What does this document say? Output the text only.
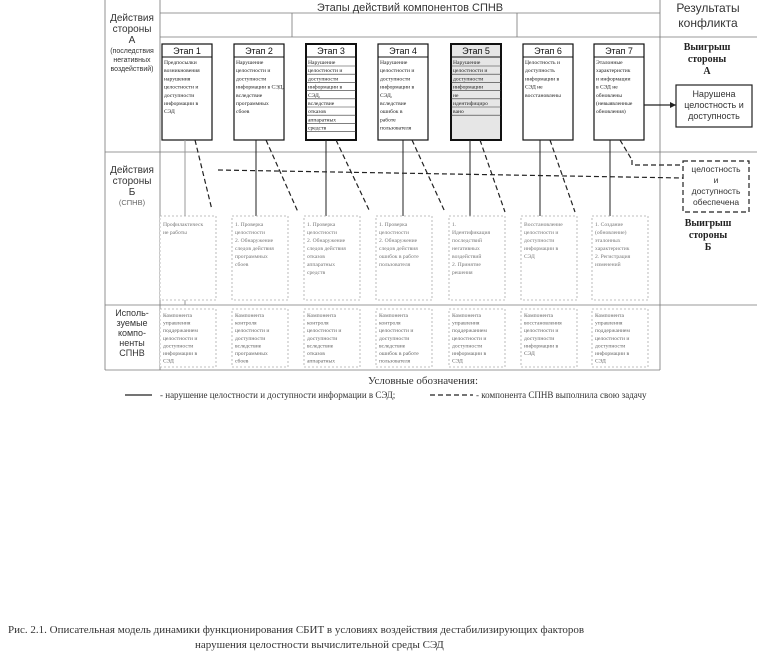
Действия
стороны
А
(последствия
негативных
воздействий)
Этапы действий компонентов СПНВ	Результаты
конфликта
Этап 1
Предпосылки
возникновения
нарушения
целостности и
доступности
информации в
СЭД
Этап 2
Нарушение
целостности и
доступности
информации в СЭД,
вследствие
программных
сбоев
Этап 3
Нарушение
целостности и
доступности
информации в
СЭД,
вследствие
отказов
аппаратных
средств
Этап 4
Нарушение
целостности и
доступности
информации в
СЭД,
вследствие
ошибок в
работе
пользователя
Этап 5
Нарушение
целостности и
доступности
информации
не
идентифициро
вано
Этап 6
Целостность и
доступность
информации в
СЭД не
восстановлены
Этап 7
Эталонные
характеристик
и информации
в СЭД не
обновлены
(невыявленные
обновления)
Выигрыш
стороны
А
Нарушена
целостность и
доступность
целостность
и
доступность
обеспечена
Выигрыш
стороны
Б
Действия
стороны
Б
(СПНВ)
Профилактическ
ие работы
1. Проверка
целостности
2. Обнаружение
следов действия
программных
сбоев
1. Проверка
целостности
2. Обнаружение
следов действия
отказов
аппаратных
средств
1. Проверка
целостности
2. Обнаружение
следов действия
ошибок в работе
пользователя
1.
Идентификация
последствий
негативных
воздействий
2. Принятие
решения
Восстановление
целостности и
доступности
информации в
СЭД
1. Создание
(обновление)
эталонных
характеристик
2. Регистрация
изменений
Исполь-
зуемые
компо-
ненты
СПНВ
Компонента
управления
поддержанием
целостности и
доступности
информации в
СЭД
Компонента
контроля
целостности и
доступности
вследствие
программных
сбоев
Компонента
контроля
целостности и
доступности
вследствие
отказов
аппаратных
Компонента
контроля
целостности и
доступности
вследствие
ошибок в работе
пользователя
Компонента
управления
поддержанием
целостности и
доступности
информации в
СЭД
Компонента
восстановления
целостности и
доступности
информации в
СЭД
Компонента
управления
поддержанием
целостности и
доступности
информации в
СЭД
Условные обозначения:
- нарушение целостности и доступности информации в СЭД;	- компонента СПНВ выполнила свою задачу
Рис. 2.1. Описательная модель динамики функционирования СБИТ в условиях воздействия дестабилизирующих факторов
нарушения целостности вычислительной среды СЭД
